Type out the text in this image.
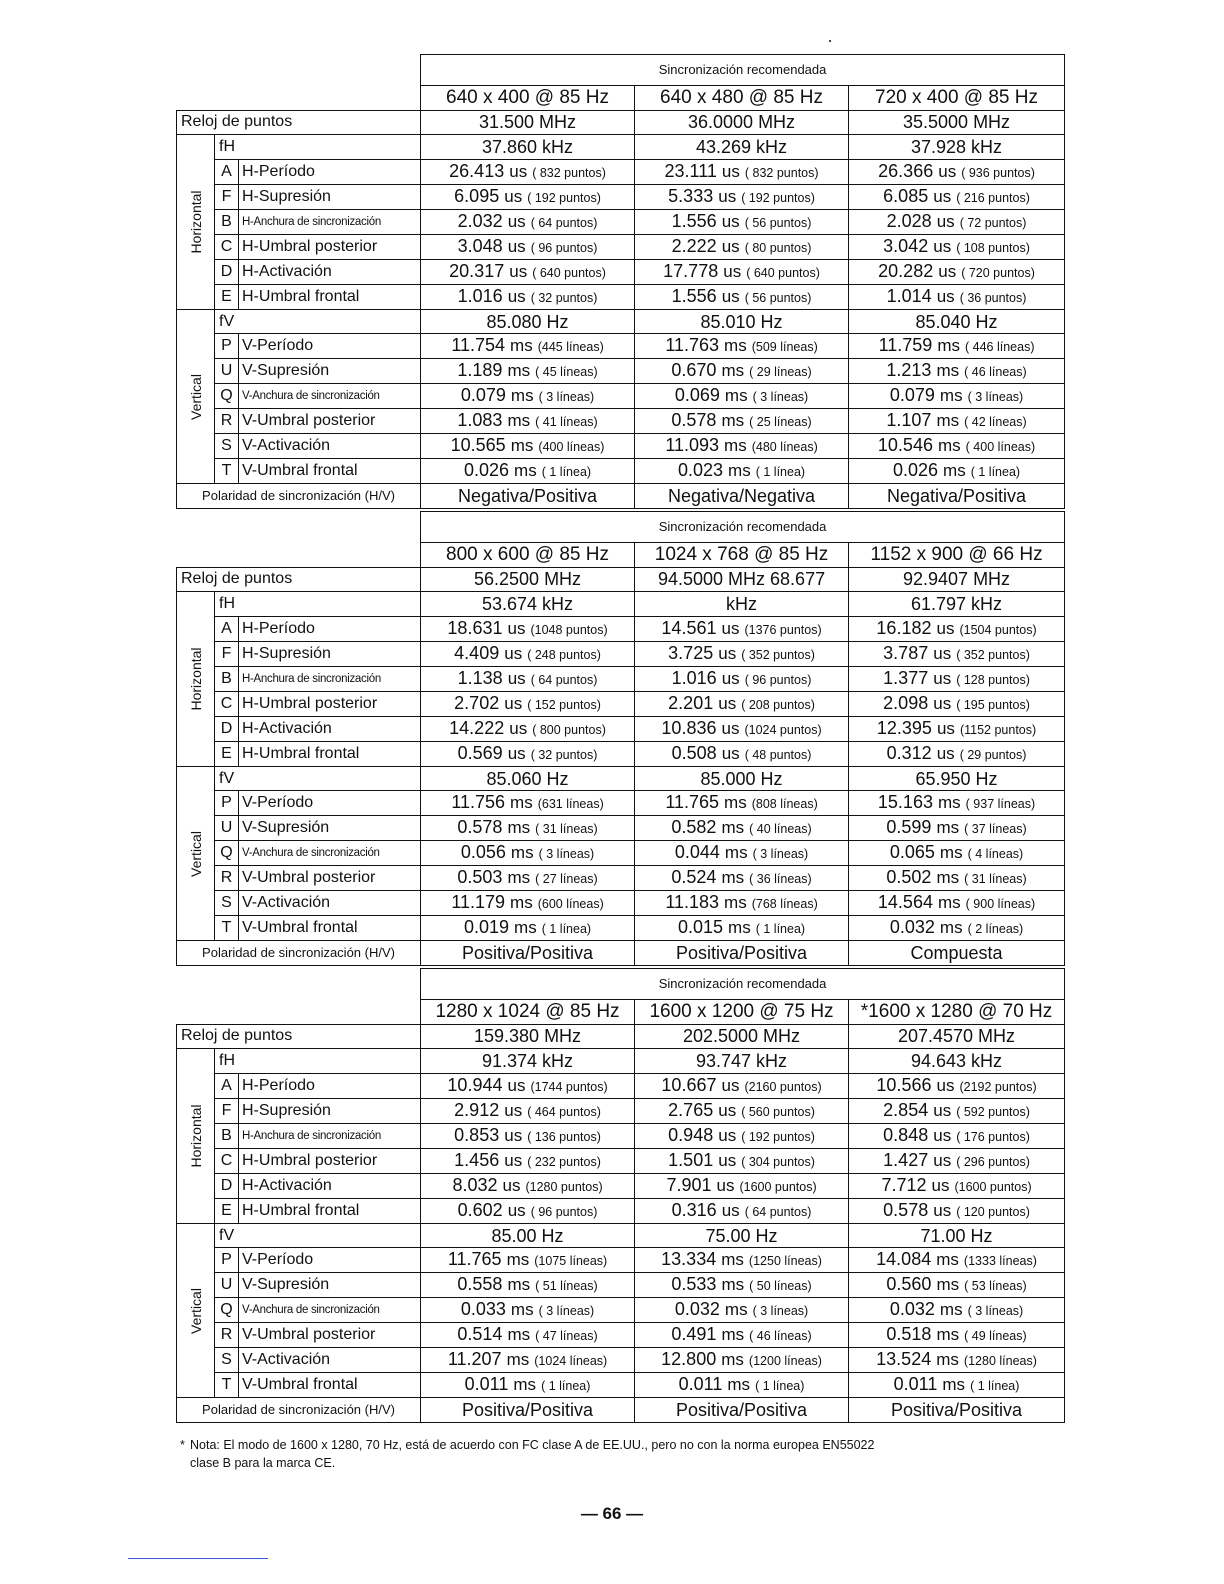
			Sincronización recomendada		
			640 x 400 @ 85 Hz	640 x 480 @ 85 Hz	720 x 400 @ 85 Hz
Reloj de puntos			31.500 MHz	36.0000 MHz	35.5000 MHz

Horizontal	fH		37.860 kHz	43.269 kHz	37.928 kHz
	A	H-Período	26.413 us ( 832 puntos)	23.111 us ( 832 puntos)	26.366 us ( 936 puntos)
	F	H-Supresión	6.095 us ( 192 puntos)	5.333 us ( 192 puntos)	6.085 us ( 216 puntos)
	B	H-Anchura de sincronización	2.032 us ( 64 puntos)	1.556 us ( 56 puntos)	2.028 us ( 72 puntos)
	C	H-Umbral posterior	3.048 us ( 96 puntos)	2.222 us ( 80 puntos)	3.042 us ( 108 puntos)
	D	H-Activación	20.317 us ( 640 puntos)	17.778 us ( 640 puntos)	20.282 us ( 720 puntos)
	E	H-Umbral frontal	1.016 us ( 32 puntos)	1.556 us ( 56 puntos)	1.014 us ( 36 puntos)

Vertical	fV		85.080 Hz	85.010 Hz	85.040 Hz
	P	V-Período	11.754 ms (445 líneas)	11.763 ms (509 líneas)	11.759 ms ( 446 líneas)
	U	V-Supresión	1.189 ms ( 45 líneas)	0.670 ms ( 29 líneas)	1.213 ms ( 46 líneas)
	Q	V-Anchura de sincronización	0.079 ms ( 3 líneas)	0.069 ms ( 3 líneas)	0.079 ms ( 3 líneas)
	R	V-Umbral posterior	1.083 ms ( 41 líneas)	0.578 ms ( 25 líneas)	1.107 ms ( 42 líneas)
	S	V-Activación	10.565 ms (400 líneas)	11.093 ms (480 líneas)	10.546 ms ( 400 líneas)
	T	V-Umbral frontal	0.026 ms ( 1 línea)	0.023 ms ( 1 línea)	0.026 ms ( 1 línea)
Polaridad de sincronización (H/V)			Negativa/Positiva	Negativa/Negativa	Negativa/Positiva
			Sincronización recomendada		
			800 x 600 @ 85 Hz	1024 x 768 @ 85 Hz	1152 x 900 @ 66 Hz
Reloj de puntos			56.2500 MHz	94.5000 MHz 68.677	92.9407 MHz

Horizontal	fH		53.674 kHz	kHz	61.797 kHz
	A	H-Período	18.631 us (1048 puntos)	14.561 us (1376 puntos)	16.182 us (1504 puntos)
	F	H-Supresión	4.409 us ( 248 puntos)	3.725 us ( 352 puntos)	3.787 us ( 352 puntos)
	B	H-Anchura de sincronización	1.138 us ( 64 puntos)	1.016 us ( 96 puntos)	1.377 us ( 128 puntos)
	C	H-Umbral posterior	2.702 us ( 152 puntos)	2.201 us ( 208 puntos)	2.098 us ( 195 puntos)
	D	H-Activación	14.222 us ( 800 puntos)	10.836 us (1024 puntos)	12.395 us (1152 puntos)
	E	H-Umbral frontal	0.569 us ( 32 puntos)	0.508 us ( 48 puntos)	0.312 us ( 29 puntos)

Vertical	fV		85.060 Hz	85.000 Hz	65.950 Hz
	P	V-Período	11.756 ms (631 líneas)	11.765 ms (808 líneas)	15.163 ms ( 937 líneas)
	U	V-Supresión	0.578 ms ( 31 líneas)	0.582 ms ( 40 líneas)	0.599 ms ( 37 líneas)
	Q	V-Anchura de sincronización	0.056 ms ( 3 líneas)	0.044 ms ( 3 líneas)	0.065 ms ( 4 líneas)
	R	V-Umbral posterior	0.503 ms ( 27 líneas)	0.524 ms ( 36 líneas)	0.502 ms ( 31 líneas)
	S	V-Activación	11.179 ms (600 líneas)	11.183 ms (768 líneas)	14.564 ms ( 900 líneas)
	T	V-Umbral frontal	0.019 ms ( 1 línea)	0.015 ms ( 1 línea)	0.032 ms ( 2 líneas)
Polaridad de sincronización (H/V)			Positiva/Positiva	Positiva/Positiva	Compuesta
			Sincronización recomendada		
			1280 x 1024 @ 85 Hz	1600 x 1200 @ 75 Hz	*1600 x 1280 @ 70 Hz
Reloj de puntos			159.380 MHz	202.5000 MHz	207.4570 MHz

Horizontal	fH		91.374 kHz	93.747 kHz	94.643 kHz
	A	H-Período	10.944 us (1744 puntos)	10.667 us (2160 puntos)	10.566 us (2192 puntos)
	F	H-Supresión	2.912 us ( 464 puntos)	2.765 us ( 560 puntos)	2.854 us ( 592 puntos)
	B	H-Anchura de sincronización	0.853 us ( 136 puntos)	0.948 us ( 192 puntos)	0.848 us ( 176 puntos)
	C	H-Umbral posterior	1.456 us ( 232 puntos)	1.501 us ( 304 puntos)	1.427 us ( 296 puntos)
	D	H-Activación	8.032 us (1280 puntos)	7.901 us (1600 puntos)	7.712 us (1600 puntos)
	E	H-Umbral frontal	0.602 us ( 96 puntos)	0.316 us ( 64 puntos)	0.578 us ( 120 puntos)

Vertical	fV		85.00 Hz	75.00 Hz	71.00 Hz
	P	V-Período	11.765 ms (1075 líneas)	13.334 ms (1250 líneas)	14.084 ms (1333 líneas)
	U	V-Supresión	0.558 ms ( 51 líneas)	0.533 ms ( 50 líneas)	0.560 ms ( 53 líneas)
	Q	V-Anchura de sincronización	0.033 ms ( 3 líneas)	0.032 ms ( 3 líneas)	0.032 ms ( 3 líneas)
	R	V-Umbral posterior	0.514 ms ( 47 líneas)	0.491 ms ( 46 líneas)	0.518 ms ( 49 líneas)
	S	V-Activación	11.207 ms (1024 líneas)	12.800 ms (1200 líneas)	13.524 ms (1280 líneas)
	T	V-Umbral frontal	0.011 ms ( 1 línea)	0.011 ms ( 1 línea)	0.011 ms ( 1 línea)
Polaridad de sincronización (H/V)			Positiva/Positiva	Positiva/Positiva	Positiva/Positiva
* Nota: El modo de 1600 x 1280, 70 Hz, está de acuerdo con FC clase A de EE.UU., pero no con la norma europea EN55022
clase B para la marca CE.
— 66 —
